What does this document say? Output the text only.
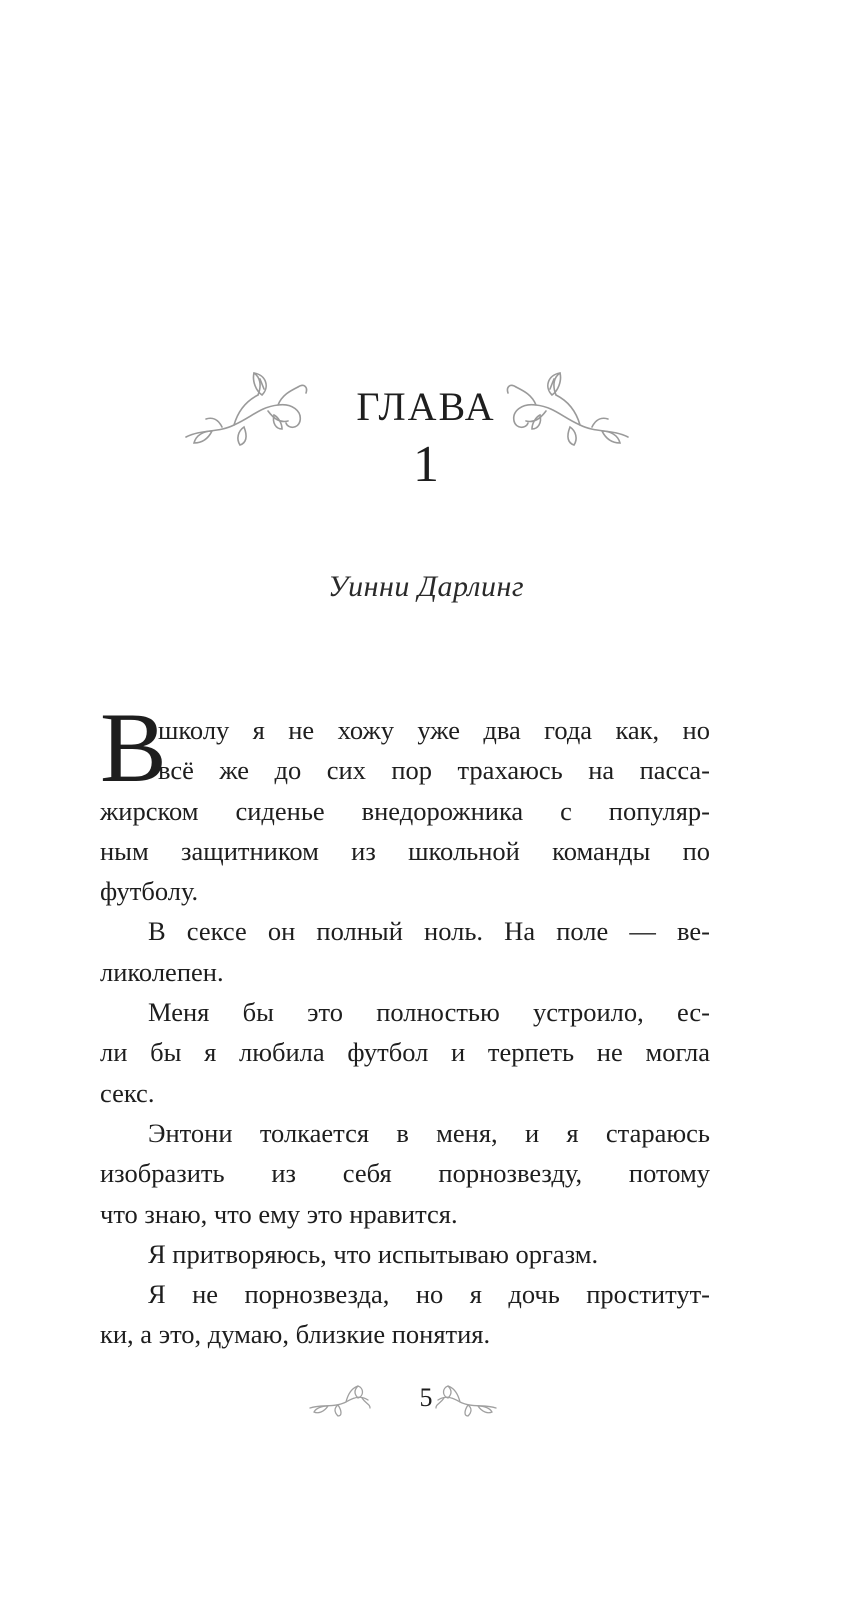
ГЛАВА
1
Уинни Дарлинг
В
школу я не хожу уже два года как, но
всё же до сих пор трахаюсь на пасса-
жирском сиденье внедорожника с популяр-
ным защитником из школьной команды по
футболу.
В сексе он полный ноль. На поле — ве-
ликолепен.
Меня бы это полностью устроило, ес-
ли бы я любила футбол и терпеть не могла
секс.
Энтони толкается в меня, и я стараюсь
изобразить из себя порнозвезду, потому
что знаю, что ему это нравится.
Я притворяюсь, что испытываю оргазм.
Я не порнозвезда, но я дочь проститут-
ки, а это, думаю, близкие понятия.
5
